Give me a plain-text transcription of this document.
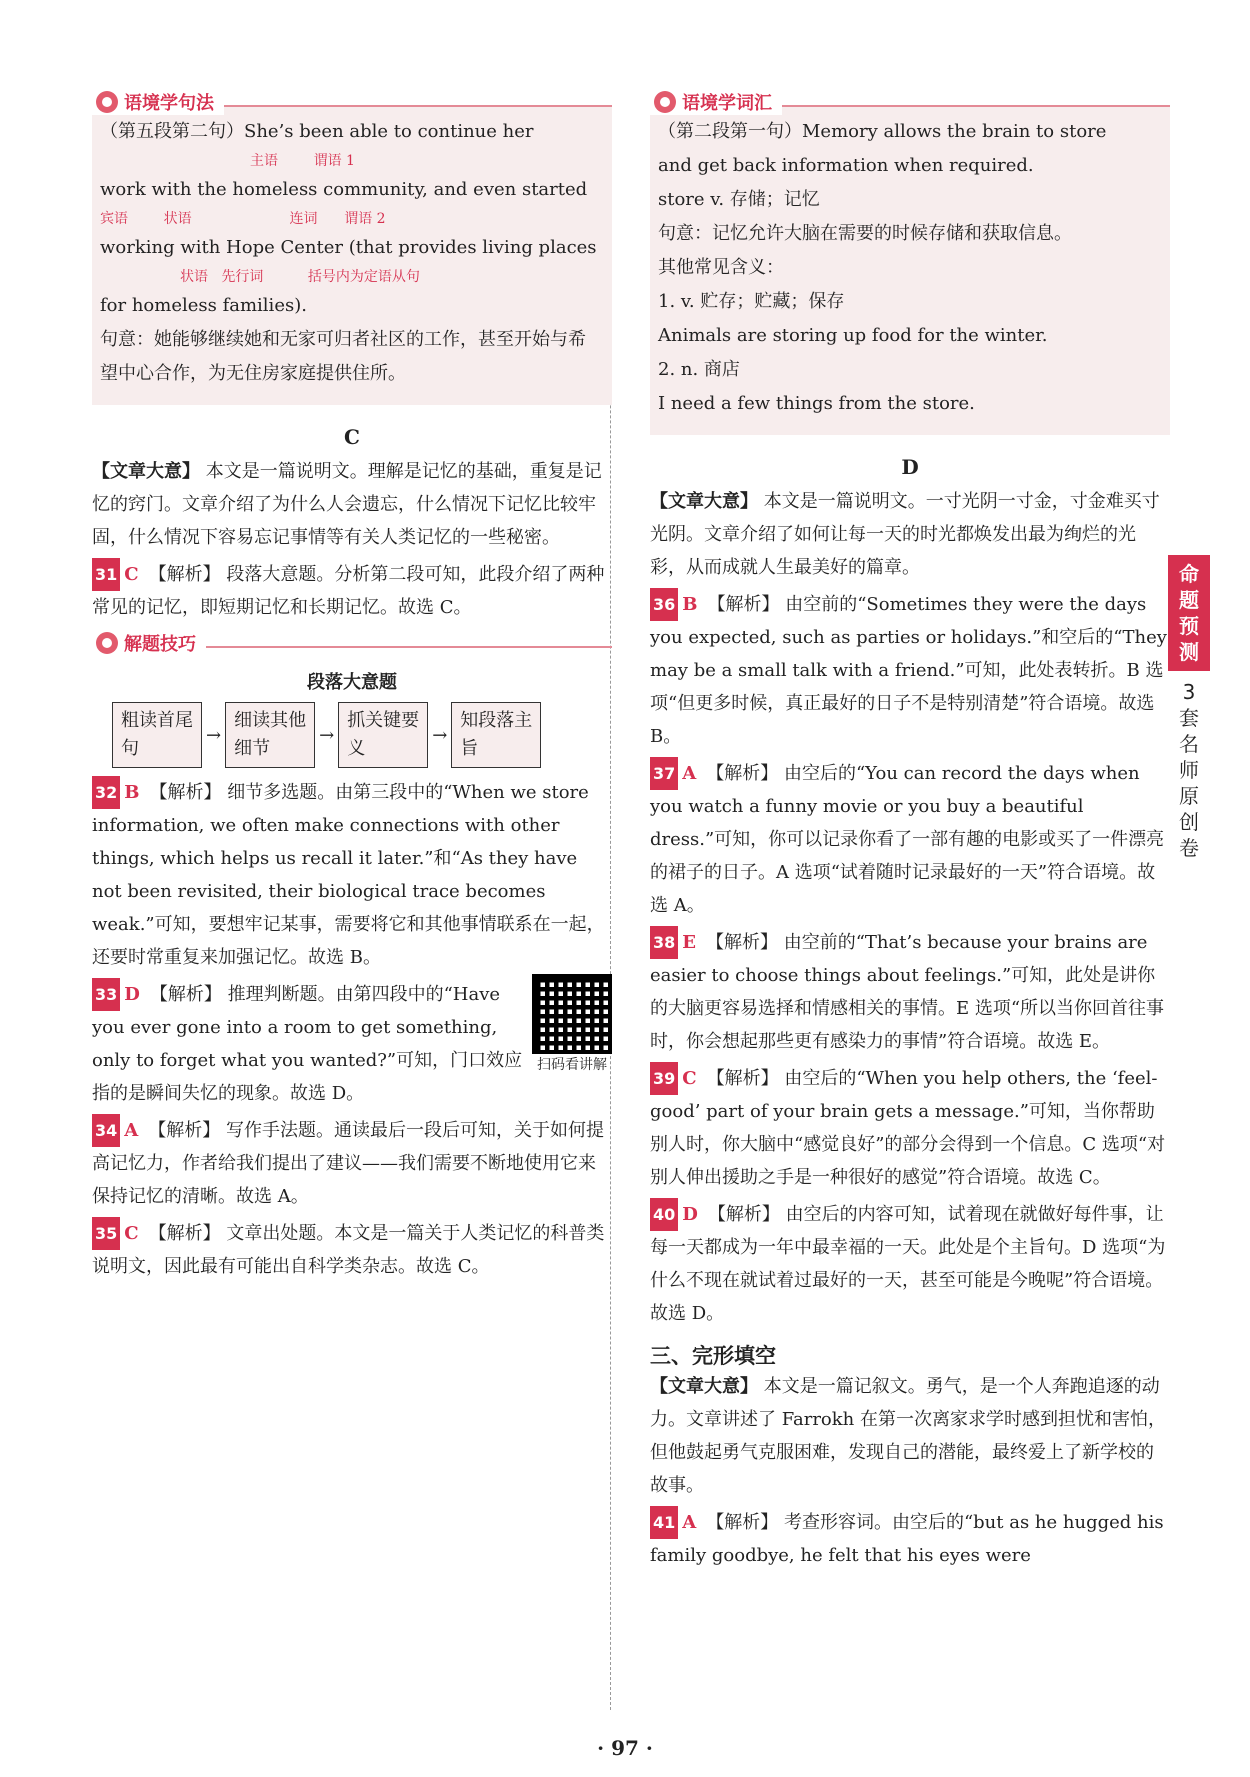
语境学句法
（第五段第二句）She’s been able to continue her
主语        谓语 1
work with the homeless community, and even started
宾语        状语                      连词      谓语 2
working with Hope Center (that provides living places
状语   先行词          括号内为定语从句
for homeless families).
句意：她能够继续她和无家可归者社区的工作，甚至开始与希望中心合作，为无住房家庭提供住所。
C

【文章大意】 本文是一篇说明文。理解是记忆的基础，重复是记忆的窍门。文章介绍了为什么人会遗忘，什么情况下记忆比较牢固，什么情况下容易忘记事情等有关人类记忆的一些秘密。

31 C 【解析】 段落大意题。分析第二段可知，此段介绍了两种常见的记忆，即短期记忆和长期记忆。故选 C。

解题技巧
段落大意题
粗读首尾句
→
细读其他细节
→
抓关键要义
→
知段落主旨

32 B 【解析】 细节多选题。由第三段中的“When we store information, we often make connections with other things, which helps us recall it later.”和“As they have not been revisited, their biological trace becomes weak.”可知，要想牢记某事，需要将它和其他事情联系在一起，还要时常重复来加强记忆。故选 B。

扫码看讲解

33 D 【解析】 推理判断题。由第四段中的“Have you ever gone into a room to get something, only to forget what you wanted?”可知，门口效应指的是瞬间失忆的现象。故选 D。

34 A 【解析】 写作手法题。通读最后一段后可知，关于如何提高记忆力，作者给我们提出了建议——我们需要不断地使用它来保持记忆的清晰。故选 A。

35 C 【解析】 文章出处题。本文是一篇关于人类记忆的科普类说明文，因此最有可能出自科学类杂志。故选 C。

语境学词汇
（第二段第一句）Memory allows the brain to store
and get back information when required.
store v. 存储；记忆
句意：记忆允许大脑在需要的时候存储和获取信息。
其他常见含义：
1. v. 贮存；贮藏；保存
Animals are storing up food for the winter.
2. n. 商店
I need a few things from the store.
D

【文章大意】 本文是一篇说明文。一寸光阴一寸金，寸金难买寸光阴。文章介绍了如何让每一天的时光都焕发出最为绚烂的光彩，从而成就人生最美好的篇章。

36 B 【解析】 由空前的“Sometimes they were the days you expected, such as parties or holidays.”和空后的“They may be a small talk with a friend.”可知，此处表转折。B 选项“但更多时候，真正最好的日子不是特别清楚”符合语境。故选 B。

37 A 【解析】 由空后的“You can record the days when you watch a funny movie or you buy a beautiful dress.”可知，你可以记录你看了一部有趣的电影或买了一件漂亮的裙子的日子。A 选项“试着随时记录最好的一天”符合语境。故选 A。

38 E 【解析】 由空前的“That’s because your brains are easier to choose things about feelings.”可知，此处是讲你的大脑更容易选择和情感相关的事情。E 选项“所以当你回首往事时，你会想起那些更有感染力的事情”符合语境。故选 E。

39 C 【解析】 由空后的“When you help others, the ‘feel-good’ part of your brain gets a message.”可知，当你帮助别人时，你大脑中“感觉良好”的部分会得到一个信息。C 选项“对别人伸出援助之手是一种很好的感觉”符合语境。故选 C。

40 D 【解析】 由空后的内容可知，试着现在就做好每件事，让每一天都成为一年中最幸福的一天。此处是个主旨句。D 选项“为什么不现在就试着过最好的一天，甚至可能是今晚呢”符合语境。故选 D。

三、完形填空

【文章大意】 本文是一篇记叙文。勇气，是一个人奔跑追逐的动力。文章讲述了 Farrokh 在第一次离家求学时感到担忧和害怕，但他鼓起勇气克服困难，发现自己的潜能，最终爱上了新学校的故事。

41 A 【解析】 考查形容词。由空后的“but as he hugged his family goodbye, he felt that his eyes were

命
题
预
测
3
套
名
师
原
创
卷
· 97 ·
